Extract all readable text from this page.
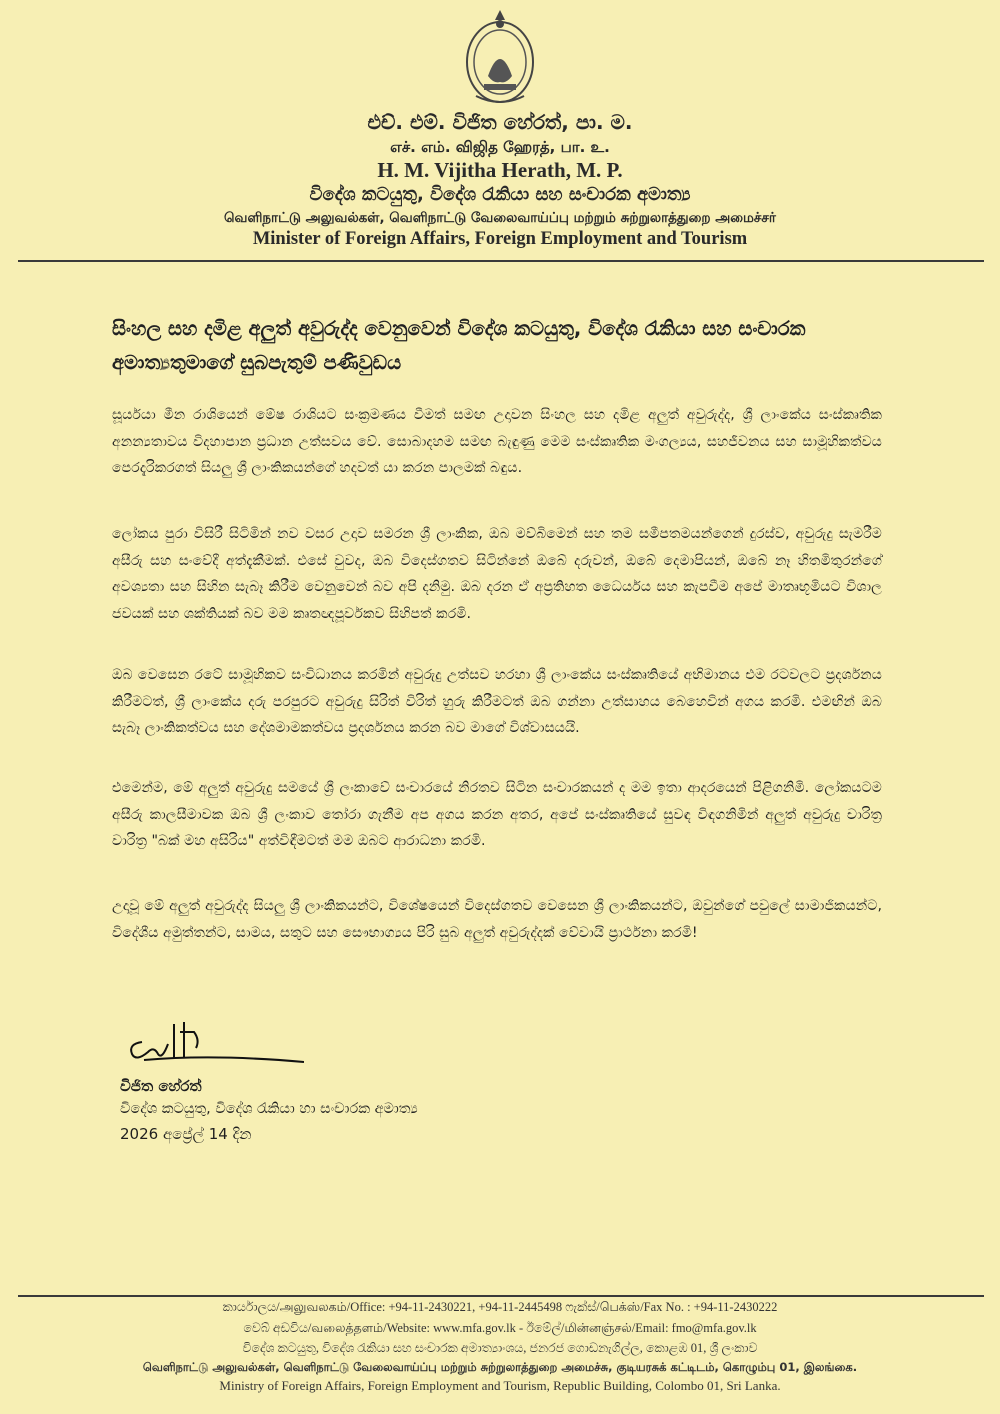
එච්. එම්. විජිත හේරත්, පා. ම.
எச். எம். விஜித ஹேரத், பா. உ.
H. M. Vijitha Herath, M. P.
විදේශ කටයුතු, විදේශ රැකියා සහ සංචාරක අමාත්‍ය
வெளிநாட்டு அலுவல்கள், வெளிநாட்டு வேலைவாய்ப்பு மற்றும் சுற்றுலாத்துறை அமைச்சர்
Minister of Foreign Affairs, Foreign Employment and Tourism
සිංහල සහ දමිළ අලුත් අවුරුද්ද වෙනුවෙන් විදේශ කටයුතු, විදේශ රැකියා සහ සංචාරක අමාත්‍යතුමාගේ සුබපැතුම් පණිවුඩය
සූර්යයා මීන රාශියෙන් මේෂ රාශියට සංක්‍රමණය වීමත් සමඟ උදාවන සිංහල සහ දමිළ අලුත් අවුරුද්ද, ශ්‍රී ලාංකේය සංස්කෘතික අනන්‍යතාවය විදහාපාන ප්‍රධාන උත්සවය වේ. සොබාදහම සමඟ බැඳුණු මෙම සංස්කෘතික මංගල්‍යය, සහජීවනය සහ සාමූහිකත්වය පෙරදැරිකරගත් සියලු ශ්‍රී ලාංකිකයන්ගේ හදවත් යා කරන පාලමක් බඳුය.
ලෝකය පුරා විසිරී සිටිමින් නව වසර උදාව සමරන ශ්‍රී ලාංකික, ඔබ මව්බිමෙන් සහ තම සමීපතමයන්ගෙන් දුරස්ව, අවුරුදු සැමරීම අසීරු සහ සංවේදී අත්දැකීමක්. එසේ වුවද, ඔබ විදෙස්ගතව සිටින්නේ ඔබේ දරුවන්, ඔබේ දෙමාපියන්, ඔබේ නෑ හිතමිතුරන්ගේ අවශ්‍යතා සහ සිහින සැබෑ කිරීම වෙනුවෙන් බව අපි දනිමු. ඔබ දරන ඒ අප්‍රතිහත ධෛර්යය සහ කැපවීම අපේ මාතෘභූමියට විශාල ජවයක් සහ ශක්තියක් බව මම කෘතඥපූර්වකව සිහිපත් කරමි.
ඔබ වෙසෙන රටේ සාමූහිකව සංවිධානය කරමින් අවුරුදු උත්සව හරහා ශ්‍රී ලාංකේය සංස්කෘතියේ අභිමානය එම රටවලට ප්‍රදර්ශනය කිරීමටත්, ශ්‍රී ලාංකේය දරු පරපුරට අවුරුදු සිරිත් විරිත් හුරු කිරීමටත් ඔබ ගන්නා උත්සාහය බෙහෙවින් අගය කරමි. එමඟින් ඔබ සැබෑ ලාංකිකත්වය සහ දේශමාමකත්වය ප්‍රදර්ශනය කරන බව මාගේ විශ්වාසයයි.
එමෙන්ම, මේ අලුත් අවුරුදු සමයේ ශ්‍රී ලංකාවේ සංචාරයේ නිරතව සිටින සංචාරකයන් ද මම ඉතා ආදරයෙන් පිළිගනිමි. ලෝකයටම අසීරු කාලසීමාවක ඔබ ශ්‍රී ලංකාව තෝරා ගැනීම අප අගය කරන අතර, අපේ සංස්කෘතියේ සුවඳ විඳගනිමින් අලුත් අවුරුදු චාරිත්‍ර වාරිත්‍ර "බක් මහ අසිරිය" අත්විඳීමටත් මම ඔබට ආරාධනා කරමි.
උදාවූ මේ අලුත් අවුරුද්ද සියලු ශ්‍රී ලාංකිකයන්ට, විශේෂයෙන් විදෙස්ගතව වෙසෙන ශ්‍රී ලාංකිකයන්ට, ඔවුන්ගේ පවුලේ සාමාජිකයන්ට, විදේශීය අමුත්තන්ට, සාමය, සතුට සහ සෞභාග්‍යය පිරි සුබ අලුත් අවුරුද්දක් වේවායි ප්‍රාර්ථනා කරමි!
විජිත හේරත්
විදේශ කටයුතු, විදේශ රැකියා හා සංචාරක අමාත්‍ය
2026 අප්‍රේල් 14 දින
කාර්යාලය/அலுவலகம்/Office: +94-11-2430221, +94-11-2445498 ෆැක්ස්/பெக்ஸ்/Fax No. : +94-11-2430222
වෙබ් අඩවිය/வலைத்தளம்/Website: www.mfa.gov.lk - ඊමේල්/மின்னஞ்சல்/Email: fmo@mfa.gov.lk
විදේශ කටයුතු, විදේශ රැකියා සහ සංචාරක අමාත්‍යාංශය, ජනරජ ගොඩනැගිල්ල, කොළඹ 01, ශ්‍රී ලංකාව
வெளிநாட்டு அலுவல்கள், வெளிநாட்டு வேலைவாய்ப்பு மற்றும் சுற்றுலாத்துறை அமைச்சு, குடியரசுக் கட்டிடம், கொழும்பு 01, இலங்கை.
Ministry of Foreign Affairs, Foreign Employment and Tourism, Republic Building, Colombo 01, Sri Lanka.
